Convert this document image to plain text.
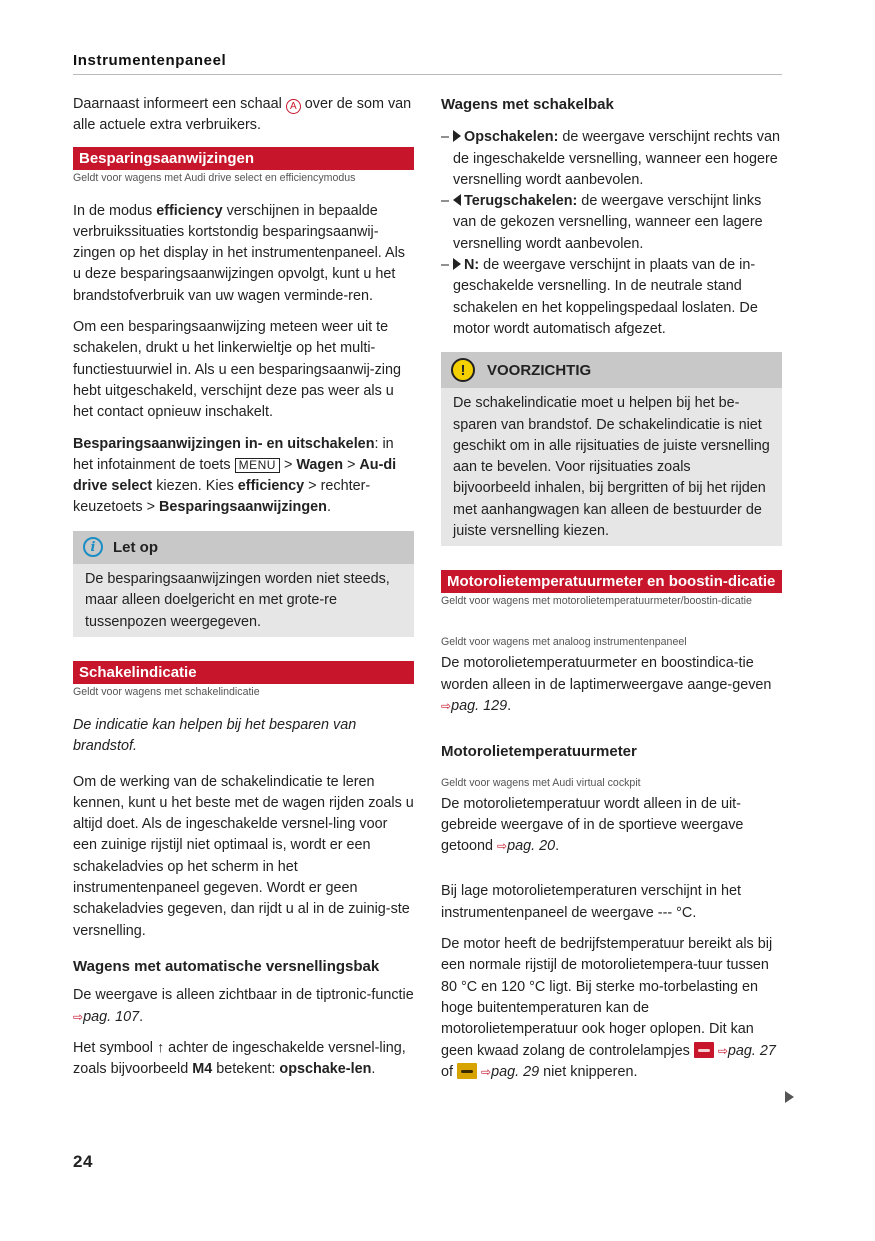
Instrumentenpaneel

Daarnaast informeert een schaal A over de som van alle actuele extra verbruikers.

Besparingsaanwijzingen
Geldt voor wagens met Audi drive select en efficiencymodus

In de modus efficiency verschijnen in bepaalde verbruikssituaties kortstondig besparingsaanwij-zingen op het display in het instrumentenpaneel. Als u deze besparingsaanwijzingen opvolgt, kunt u het brandstofverbruik van uw wagen verminde-ren.

Om een besparingsaanwijzing meteen weer uit te schakelen, drukt u het linkerwieltje op het multi-functiestuurwiel in. Als u een besparingsaanwij-zing hebt uitgeschakeld, verschijnt deze pas weer als u het contact opnieuw inschakelt.

Besparingsaanwijzingen in- en uitschakelen: in het infotainment de toets MENU > Wagen > Au-di drive select kiezen. Kies efficiency > rechter-keuzetoets > Besparingsaanwijzingen.

i	Let op
De besparingsaanwijzingen worden niet steeds, maar alleen doelgericht en met grote-re tussenpozen weergegeven.
Schakelindicatie
Geldt voor wagens met schakelindicatie

De indicatie kan helpen bij het besparen van brandstof.

Om de werking van de schakelindicatie te leren kennen, kunt u het beste met de wagen rijden zoals u altijd doet. Als de ingeschakelde versnel-ling voor een zuinige rijstijl niet optimaal is, wordt er een schakeladvies op het scherm in het instrumentenpaneel gegeven. Wordt er geen schakeladvies gegeven, dan rijdt u al in de zuinig-ste versnelling.

Wagens met automatische versnellingsbak

De weergave is alleen zichtbaar in de tiptronic-functie ⇨pag. 107.

Het symbool ↑ achter de ingeschakelde versnel-ling, zoals bijvoorbeeld M4 betekent: opschake-len.

Wagens met schakelbak
– Opschakelen: de weergave verschijnt rechts van de ingeschakelde versnelling, wanneer een hogere versnelling wordt aanbevolen.
– Terugschakelen: de weergave verschijnt links van de gekozen versnelling, wanneer een lagere versnelling wordt aanbevolen.
– N: de weergave verschijnt in plaats van de in-geschakelde versnelling. In de neutrale stand schakelen en het koppelingspedaal loslaten. De motor wordt automatisch afgezet.
!	VOORZICHTIG
De schakelindicatie moet u helpen bij het be-sparen van brandstof. De schakelindicatie is niet geschikt om in alle rijsituaties de juiste versnelling aan te bevelen. Voor rijsituaties zoals bijvoorbeeld inhalen, bij bergritten of bij het rijden met aanhangwagen kan alleen de bestuurder de juiste versnelling kiezen.
Motorolietemperatuurmeter en boostin-dicatie
Geldt voor wagens met motorolietemperatuurmeter/boostin-dicatie
Geldt voor wagens met analoog instrumentenpaneel

De motorolietemperatuurmeter en boostindica-tie worden alleen in de laptimerweergave aange-geven ⇨pag. 129.

Motorolietemperatuurmeter
Geldt voor wagens met Audi virtual cockpit

De motorolietemperatuur wordt alleen in de uit-gebreide weergave of in de sportieve weergave getoond ⇨pag. 20.

Bij lage motorolietemperaturen verschijnt in het instrumentenpaneel de weergave --- °C.

De motor heeft de bedrijfstemperatuur bereikt als bij een normale rijstijl de motorolietempera-tuur tussen 80 °C en 120 °C ligt. Bij sterke mo-torbelasting en hoge buitentemperaturen kan de motorolietemperatuur ook hoger oplopen. Dit kan geen kwaad zolang de controlelampjes  ⇨pag. 27 of  ⇨pag. 29 niet knipperen.

24
